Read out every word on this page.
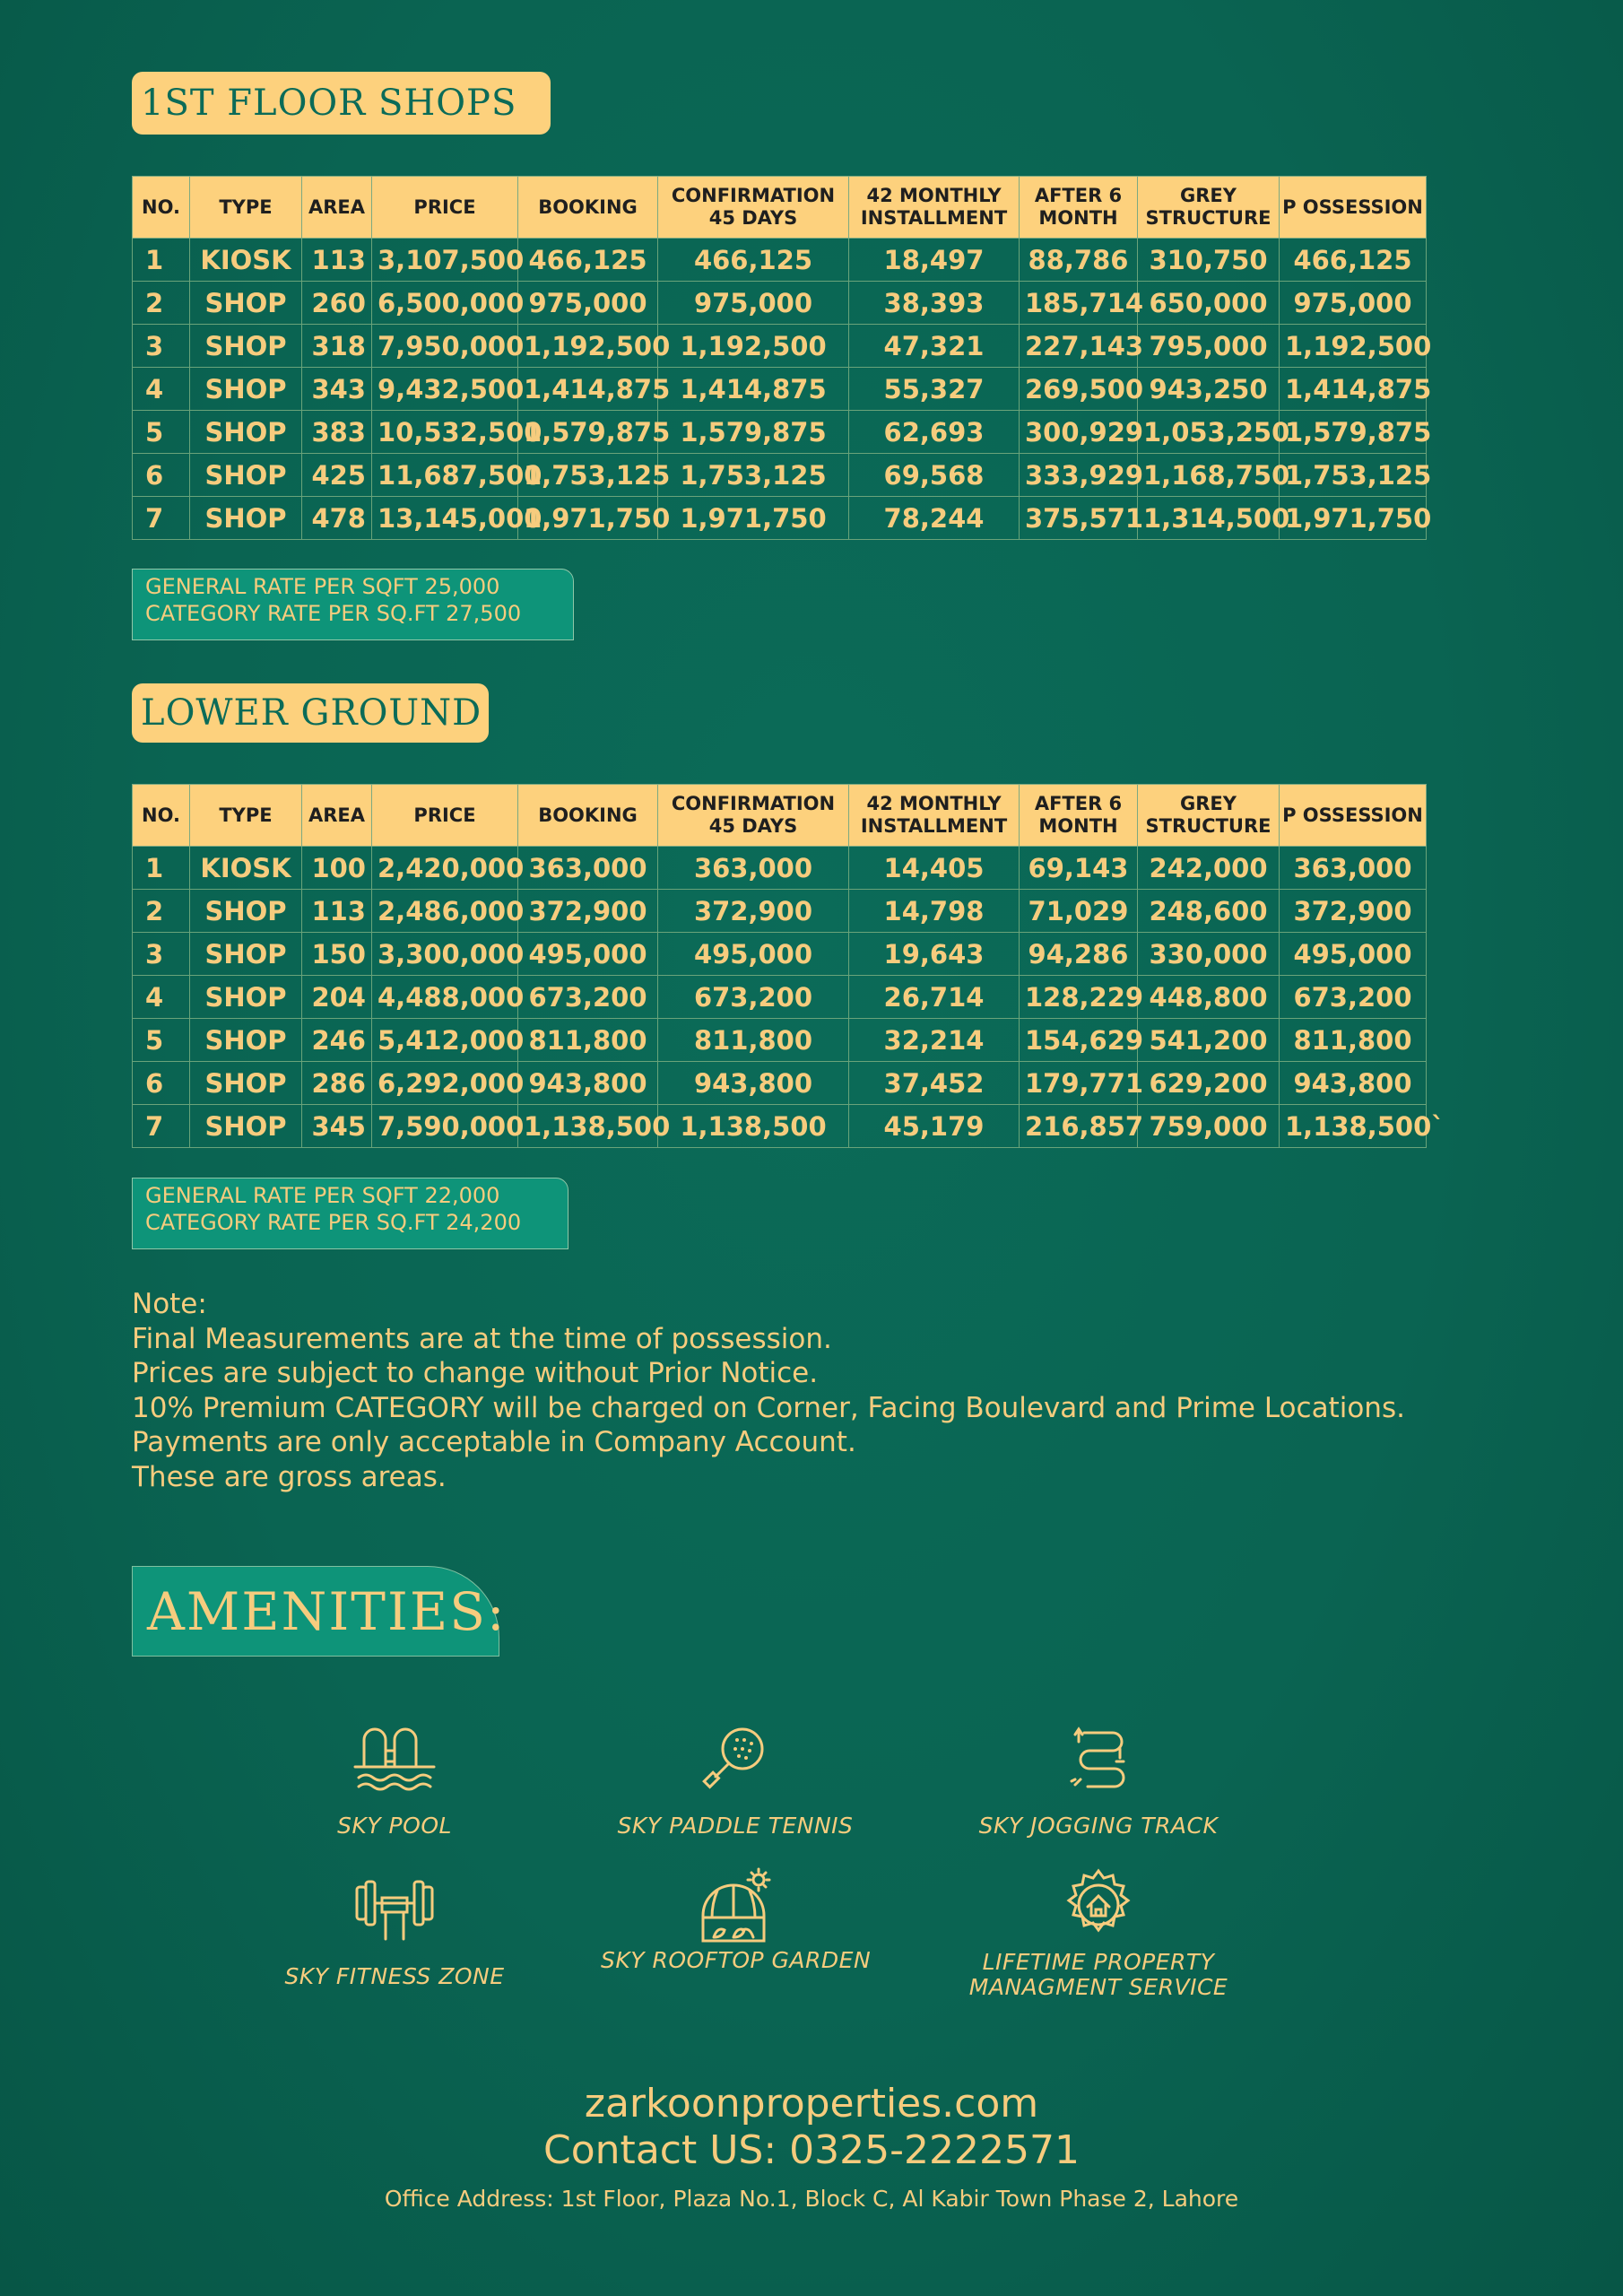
1ST FLOOR SHOPS
NO.	TYPE	AREA	PRICE	BOOKING	CONFIRMATION 45 DAYS	42 MONTHLY INSTALLMENT	AFTER 6 MONTH	GREY STRUCTURE	P OSSESSION
1	KIOSK	113	3,107,500	466,125	466,125	18,497	88,786	310,750	466,125
2	SHOP	260	6,500,000	975,000	975,000	38,393	185,714	650,000	975,000
3	SHOP	318	7,950,000	1,192,500	1,192,500	47,321	227,143	795,000	1,192,500
4	SHOP	343	9,432,500	1,414,875	1,414,875	55,327	269,500	943,250	1,414,875
5	SHOP	383	10,532,500	1,579,875	1,579,875	62,693	300,929	1,053,250	1,579,875
6	SHOP	425	11,687,500	1,753,125	1,753,125	69,568	333,929	1,168,750	1,753,125
7	SHOP	478	13,145,000	1,971,750	1,971,750	78,244	375,571	1,314,500	1,971,750
GENERAL RATE PER SQFT 25,000
CATEGORY RATE PER SQ.FT 27,500
LOWER GROUND
NO.	TYPE	AREA	PRICE	BOOKING	CONFIRMATION 45 DAYS	42 MONTHLY INSTALLMENT	AFTER 6 MONTH	GREY STRUCTURE	P OSSESSION
1	KIOSK	100	2,420,000	363,000	363,000	14,405	69,143	242,000	363,000
2	SHOP	113	2,486,000	372,900	372,900	14,798	71,029	248,600	372,900
3	SHOP	150	3,300,000	495,000	495,000	19,643	94,286	330,000	495,000
4	SHOP	204	4,488,000	673,200	673,200	26,714	128,229	448,800	673,200
5	SHOP	246	5,412,000	811,800	811,800	32,214	154,629	541,200	811,800
6	SHOP	286	6,292,000	943,800	943,800	37,452	179,771	629,200	943,800
7	SHOP	345	7,590,000	1,138,500	1,138,500	45,179	216,857	759,000	1,138,500`
GENERAL RATE PER SQFT 22,000
CATEGORY RATE PER SQ.FT 24,200
Note:
Final Measurements are at the time of possession.
Prices are subject to change without Prior Notice.
10% Premium CATEGORY will be charged on Corner, Facing Boulevard and Prime Locations.
Payments are only acceptable in Company Account.
These are gross areas.
AMENITIES:
SKY POOL	SKY PADDLE TENNIS	SKY JOGGING TRACK
SKY FITNESS ZONE
SKY ROOFTOP GARDEN	LIFETIME PROPERTY
MANAGMENT SERVICE
zarkoonproperties.com
Contact US: 0325-2222571
Office Address: 1st Floor, Plaza No.1, Block C, Al Kabir Town Phase 2, Lahore
